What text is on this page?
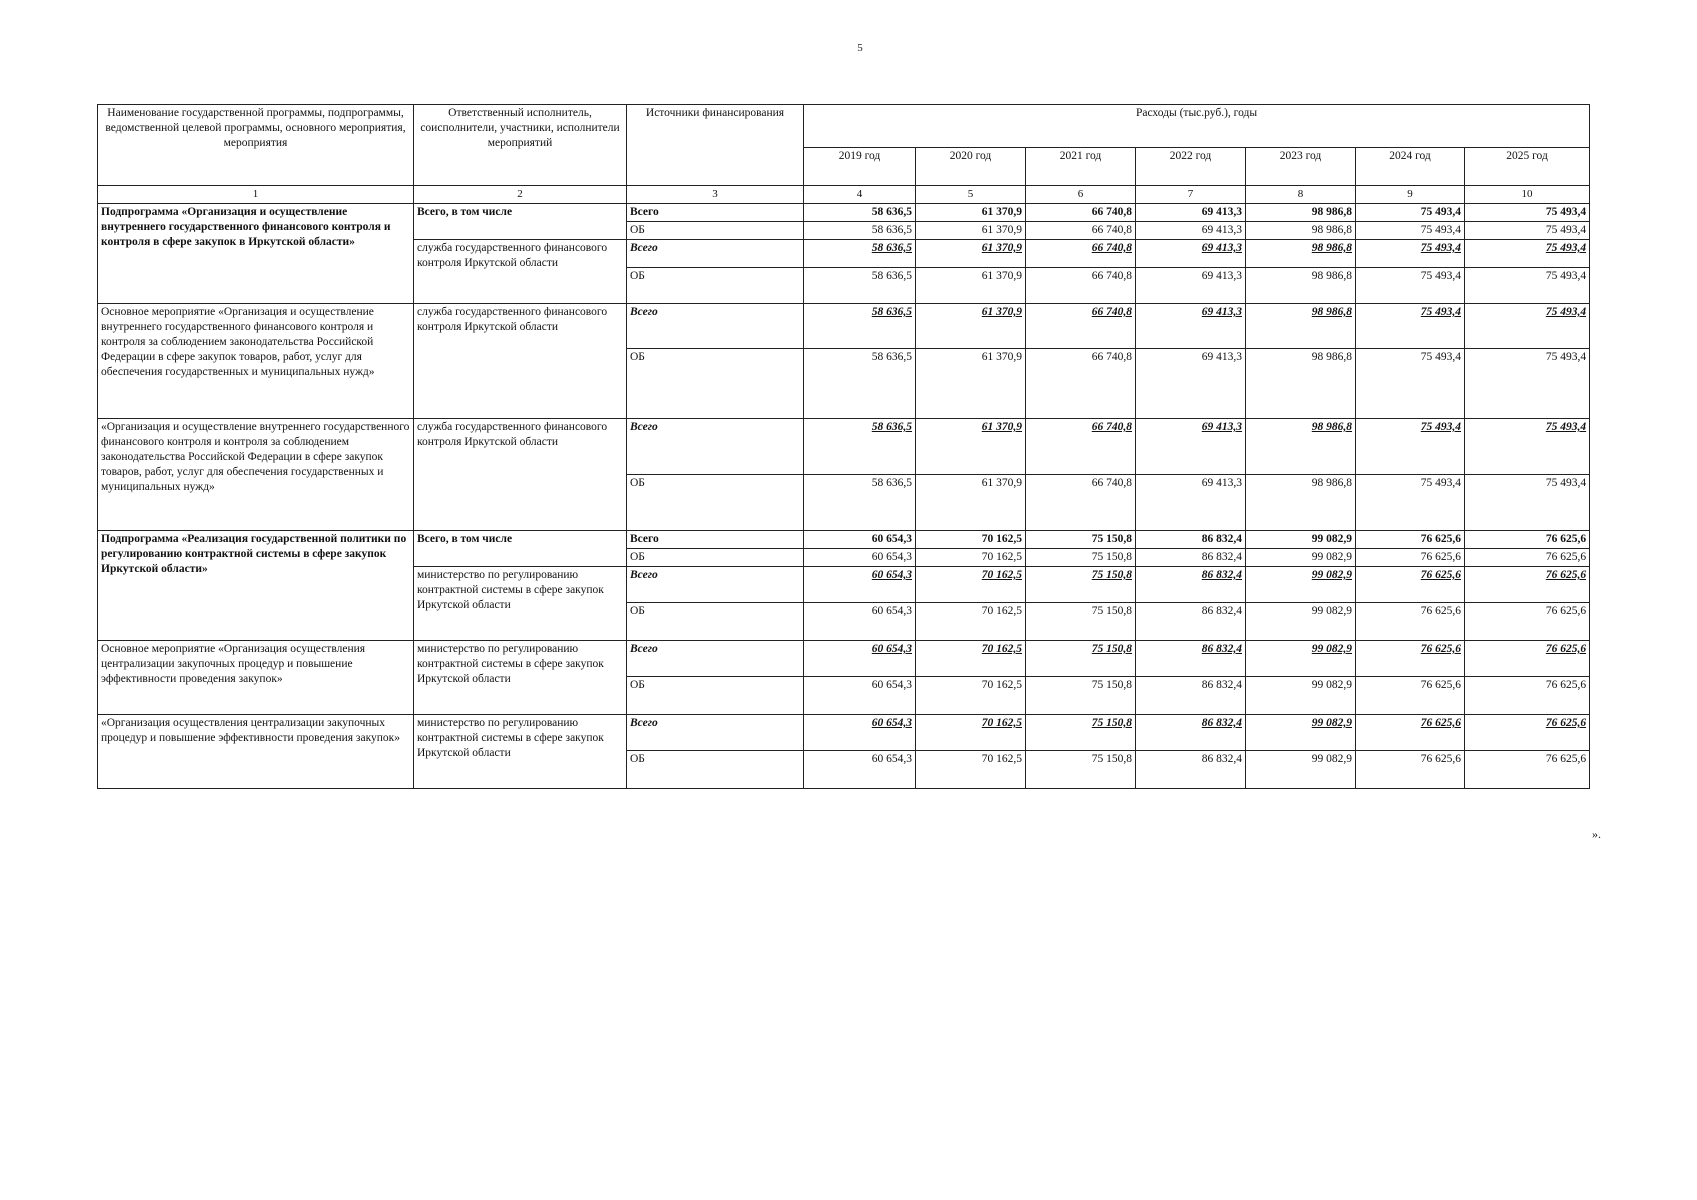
5
Наименование государственной программы, подпрограммы, ведомственной целевой программы, основного мероприятия, мероприятия	Ответственный исполнитель, соисполнители, участники, исполнители мероприятий	Источники финансирования	Расходы (тыс.руб.), годы						
			2019 год	2020 год	2021 год	2022 год	2023 год	2024 год	2025 год
1	2	3	4	5	6	7	8	9	10
Подпрограмма «Организация и осуществление внутреннего государственного финансового контроля и контроля в сфере закупок в Иркутской области»	Всего, в том числе	Всего	58 636,5	61 370,9	66 740,8	69 413,3	98 986,8	75 493,4	75 493,4
		ОБ	58 636,5	61 370,9	66 740,8	69 413,3	98 986,8	75 493,4	75 493,4
	служба государственного финансового контроля Иркутской области	Всего	58 636,5	61 370,9	66 740,8	69 413,3	98 986,8	75 493,4	75 493,4
		ОБ	58 636,5	61 370,9	66 740,8	69 413,3	98 986,8	75 493,4	75 493,4
Основное мероприятие «Организация и осуществление внутреннего государственного финансового контроля и контроля за соблюдением законодательства Российской Федерации в сфере закупок товаров, работ, услуг для обеспечения государственных и муниципальных нужд»	служба государственного финансового контроля Иркутской области	Всего	58 636,5	61 370,9	66 740,8	69 413,3	98 986,8	75 493,4	75 493,4
		ОБ	58 636,5	61 370,9	66 740,8	69 413,3	98 986,8	75 493,4	75 493,4
«Организация и осуществление внутреннего государственного финансового контроля и контроля за соблюдением законодательства Российской Федерации в сфере закупок товаров, работ, услуг для обеспечения государственных и муниципальных нужд»	служба государственного финансового контроля Иркутской области	Всего	58 636,5	61 370,9	66 740,8	69 413,3	98 986,8	75 493,4	75 493,4
		ОБ	58 636,5	61 370,9	66 740,8	69 413,3	98 986,8	75 493,4	75 493,4
Подпрограмма «Реализация государственной политики по регулированию контрактной системы в сфере закупок Иркутской области»	Всего, в том числе	Всего	60 654,3	70 162,5	75 150,8	86 832,4	99 082,9	76 625,6	76 625,6
		ОБ	60 654,3	70 162,5	75 150,8	86 832,4	99 082,9	76 625,6	76 625,6
	министерство по регулированию контрактной системы в сфере закупок Иркутской области	Всего	60 654,3	70 162,5	75 150,8	86 832,4	99 082,9	76 625,6	76 625,6
		ОБ	60 654,3	70 162,5	75 150,8	86 832,4	99 082,9	76 625,6	76 625,6
Основное мероприятие «Организация осуществления централизации закупочных процедур и повышение эффективности проведения закупок»	министерство по регулированию контрактной системы в сфере закупок Иркутской области	Всего	60 654,3	70 162,5	75 150,8	86 832,4	99 082,9	76 625,6	76 625,6
		ОБ	60 654,3	70 162,5	75 150,8	86 832,4	99 082,9	76 625,6	76 625,6
«Организация осуществления централизации закупочных процедур и повышение эффективности проведения закупок»	министерство по регулированию контрактной системы в сфере закупок Иркутской области	Всего	60 654,3	70 162,5	75 150,8	86 832,4	99 082,9	76 625,6	76 625,6
		ОБ	60 654,3	70 162,5	75 150,8	86 832,4	99 082,9	76 625,6	76 625,6
».
